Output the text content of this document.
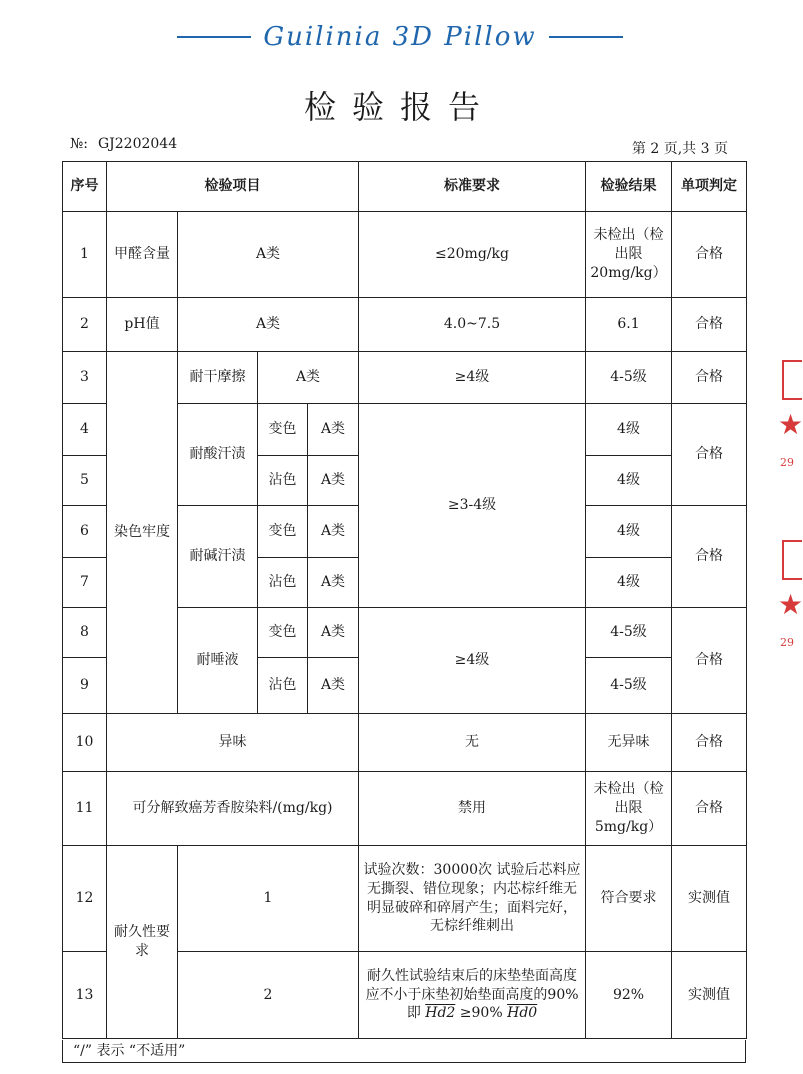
Guilinia 3D Pillow
检验报告
№: GJ2202044	第 2 页,共 3 页
序号	检验项目				标准要求	检验结果	单项判定
1	甲醛含量	A类			≤20mg/kg	未检出（检出限20mg/kg）	合格
2	pH值	A类			4.0~7.5	6.1	合格
3	染色牢度	耐干摩擦	A类		≥4级	4-5级	合格
4		耐酸汗渍	变色	A类	≥3-4级	4级	合格
5			沾色	A类		4级	
6		耐碱汗渍	变色	A类		4级	合格
7			沾色	A类		4级	
8		耐唾液	变色	A类	≥4级	4-5级	合格
9			沾色	A类		4-5级	
10	异味				无	无异味	合格
11	可分解致癌芳香胺染料/(mg/kg)				禁用	未检出（检出限5mg/kg）	合格
12	耐久性要求	1			试验次数：30000次 试验后芯料应无撕裂、错位现象；内芯棕纤维无明显破碎和碎屑产生；面料完好，无棕纤维刺出	符合要求	实测值
13		2			耐久性试验结束后的床垫垫面高度应不小于床垫初始垫面高度的90% 即 Hd2 ≥90% Hd0	92%	实测值
“/” 表示 “不适用”
★
29
★
29
